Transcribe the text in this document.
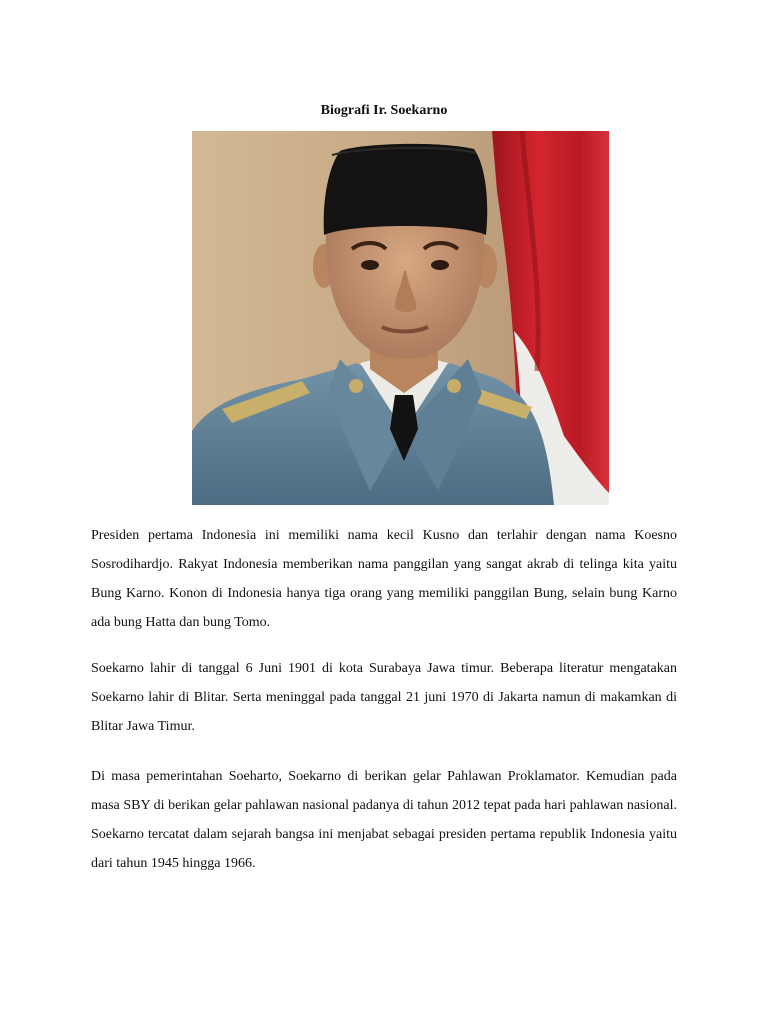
Biografi Ir. Soekarno

Presiden pertama Indonesia ini memiliki nama kecil Kusno dan terlahir dengan nama Koesno Sosrodihardjo. Rakyat Indonesia memberikan nama panggilan yang sangat akrab di telinga kita yaitu Bung Karno. Konon di Indonesia hanya tiga orang yang memiliki panggilan Bung, selain bung Karno ada bung Hatta dan bung Tomo.

Soekarno lahir di tanggal 6 Juni 1901 di kota Surabaya Jawa timur. Beberapa literatur mengatakan Soekarno lahir di Blitar. Serta meninggal pada tanggal 21 juni 1970 di Jakarta namun di makamkan di Blitar Jawa Timur.

Di masa pemerintahan Soeharto, Soekarno di berikan gelar Pahlawan Proklamator. Kemudian pada masa SBY di berikan gelar pahlawan nasional padanya di tahun 2012 tepat pada hari pahlawan nasional. Soekarno tercatat dalam sejarah bangsa ini menjabat sebagai presiden pertama republik Indonesia yaitu dari tahun 1945 hingga 1966.
